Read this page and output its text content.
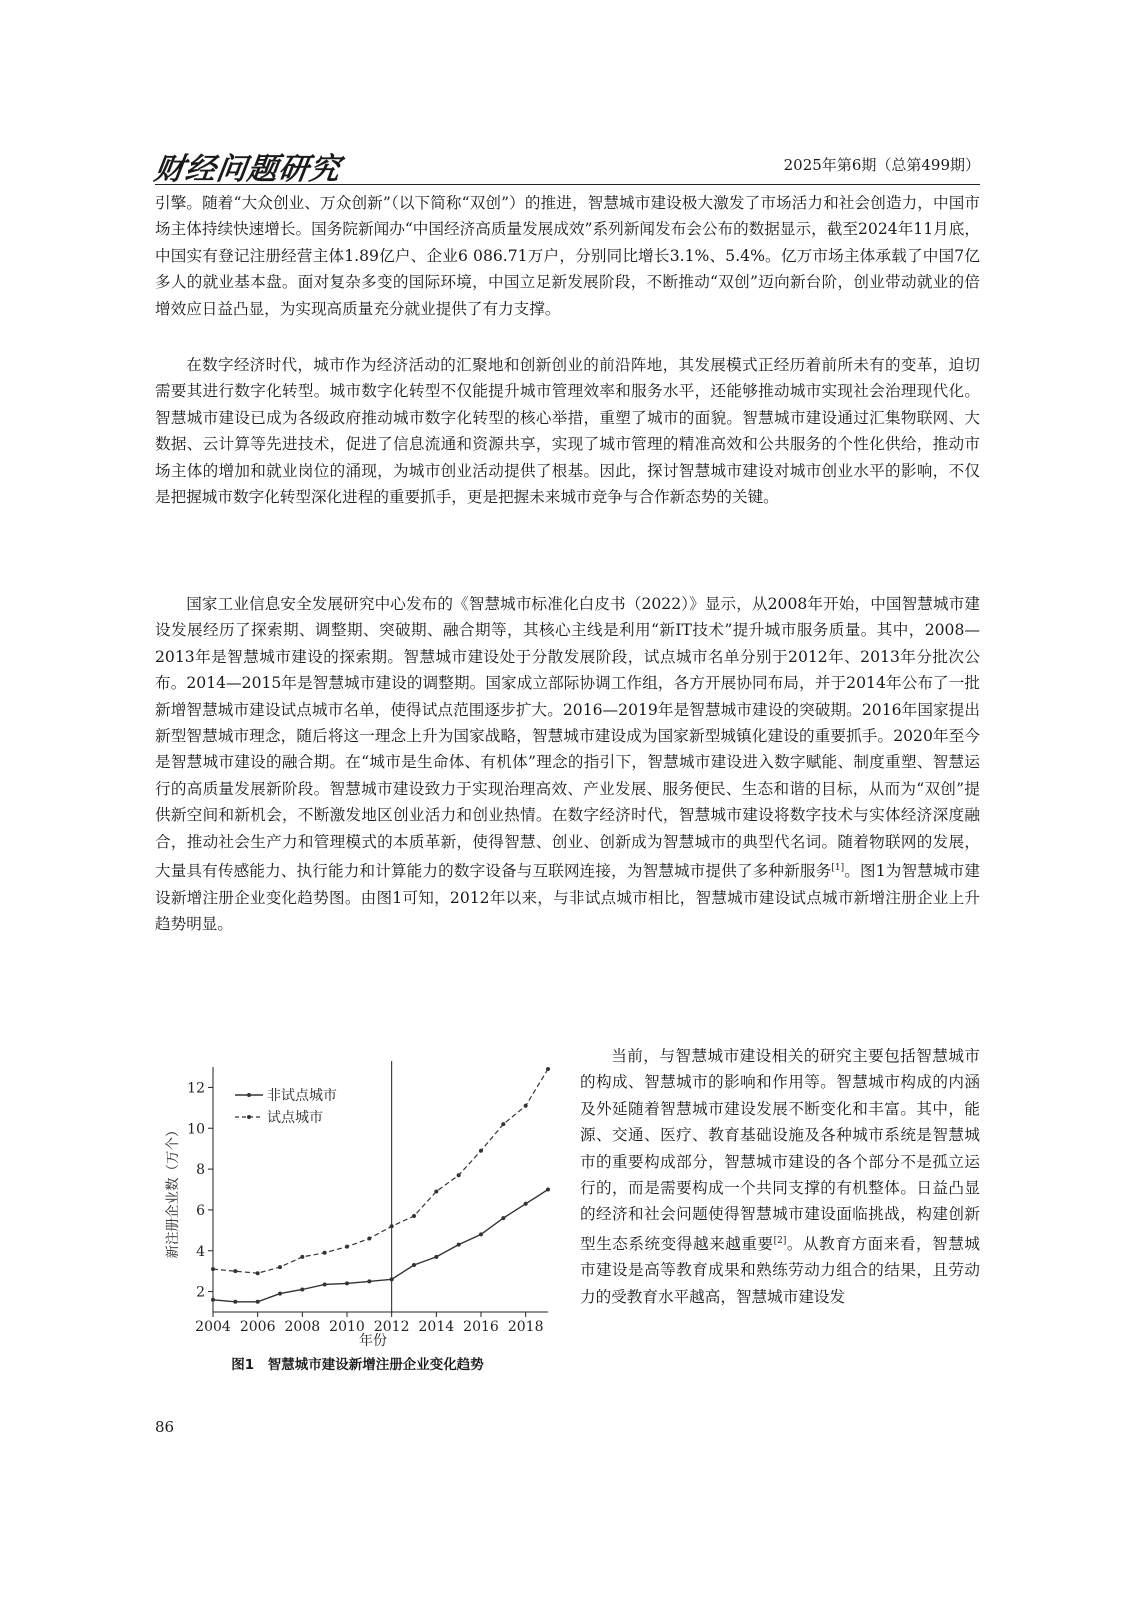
财经问题研究	2025年第6期（总第499期）

引擎。随着“大众创业、万众创新”（以下简称“双创”）的推进，智慧城市建设极大激发了市场活力和社会创造力，中国市场主体持续快速增长。国务院新闻办“中国经济高质量发展成效”系列新闻发布会公布的数据显示，截至2024年11月底，中国实有登记注册经营主体1.89亿户、企业6 086.71万户，分别同比增长3.1%、5.4%。亿万市场主体承载了中国7亿多人的就业基本盘。面对复杂多变的国际环境，中国立足新发展阶段，不断推动“双创”迈向新台阶，创业带动就业的倍增效应日益凸显，为实现高质量充分就业提供了有力支撑。

在数字经济时代，城市作为经济活动的汇聚地和创新创业的前沿阵地，其发展模式正经历着前所未有的变革，迫切需要其进行数字化转型。城市数字化转型不仅能提升城市管理效率和服务水平，还能够推动城市实现社会治理现代化。智慧城市建设已成为各级政府推动城市数字化转型的核心举措，重塑了城市的面貌。智慧城市建设通过汇集物联网、大数据、云计算等先进技术，促进了信息流通和资源共享，实现了城市管理的精准高效和公共服务的个性化供给，推动市场主体的增加和就业岗位的涌现，为城市创业活动提供了根基。因此，探讨智慧城市建设对城市创业水平的影响，不仅是把握城市数字化转型深化进程的重要抓手，更是把握未来城市竞争与合作新态势的关键。

国家工业信息安全发展研究中心发布的《智慧城市标准化白皮书（2022）》显示，从2008年开始，中国智慧城市建设发展经历了探索期、调整期、突破期、融合期等，其核心主线是利用“新IT技术”提升城市服务质量。其中，2008—2013年是智慧城市建设的探索期。智慧城市建设处于分散发展阶段，试点城市名单分别于2012年、2013年分批次公布。2014—2015年是智慧城市建设的调整期。国家成立部际协调工作组，各方开展协同布局，并于2014年公布了一批新增智慧城市建设试点城市名单，使得试点范围逐步扩大。2016—2019年是智慧城市建设的突破期。2016年国家提出新型智慧城市理念，随后将这一理念上升为国家战略，智慧城市建设成为国家新型城镇化建设的重要抓手。2020年至今是智慧城市建设的融合期。在“城市是生命体、有机体”理念的指引下，智慧城市建设进入数字赋能、制度重塑、智慧运行的高质量发展新阶段。智慧城市建设致力于实现治理高效、产业发展、服务便民、生态和谐的目标，从而为“双创”提供新空间和新机会，不断激发地区创业活力和创业热情。在数字经济时代，智慧城市建设将数字技术与实体经济深度融合，推动社会生产力和管理模式的本质革新，使得智慧、创业、创新成为智慧城市的典型代名词。随着物联网的发展，大量具有传感能力、执行能力和计算能力的数字设备与互联网连接，为智慧城市提供了多种新服务[1]。图1为智慧城市建设新增注册企业变化趋势图。由图1可知，2012年以来，与非试点城市相比，智慧城市建设试点城市新增注册企业上升趋势明显。

当前，与智慧城市建设相关的研究主要包括智慧城市的构成、智慧城市的影响和作用等。智慧城市构成的内涵及外延随着智慧城市建设发展不断变化和丰富。其中，能源、交通、医疗、教育基础设施及各种城市系统是智慧城市的重要构成部分，智慧城市建设的各个部分不是孤立运行的，而是需要构成一个共同支撑的有机整体。日益凸显的经济和社会问题使得智慧城市建设面临挑战，构建创新型生态系统变得越来越重要[2]。从教育方面来看，智慧城市建设是高等教育成果和熟练劳动力组合的结果，且劳动力的受教育水平越高，智慧城市建设发

2
4
6
8
10
12
2004 2006 2008 2010 2012 2014 2016 2018
非试点城市
试点城市
年份
新注册企业数（万个）
图1　智慧城市建设新增注册企业变化趋势
86
